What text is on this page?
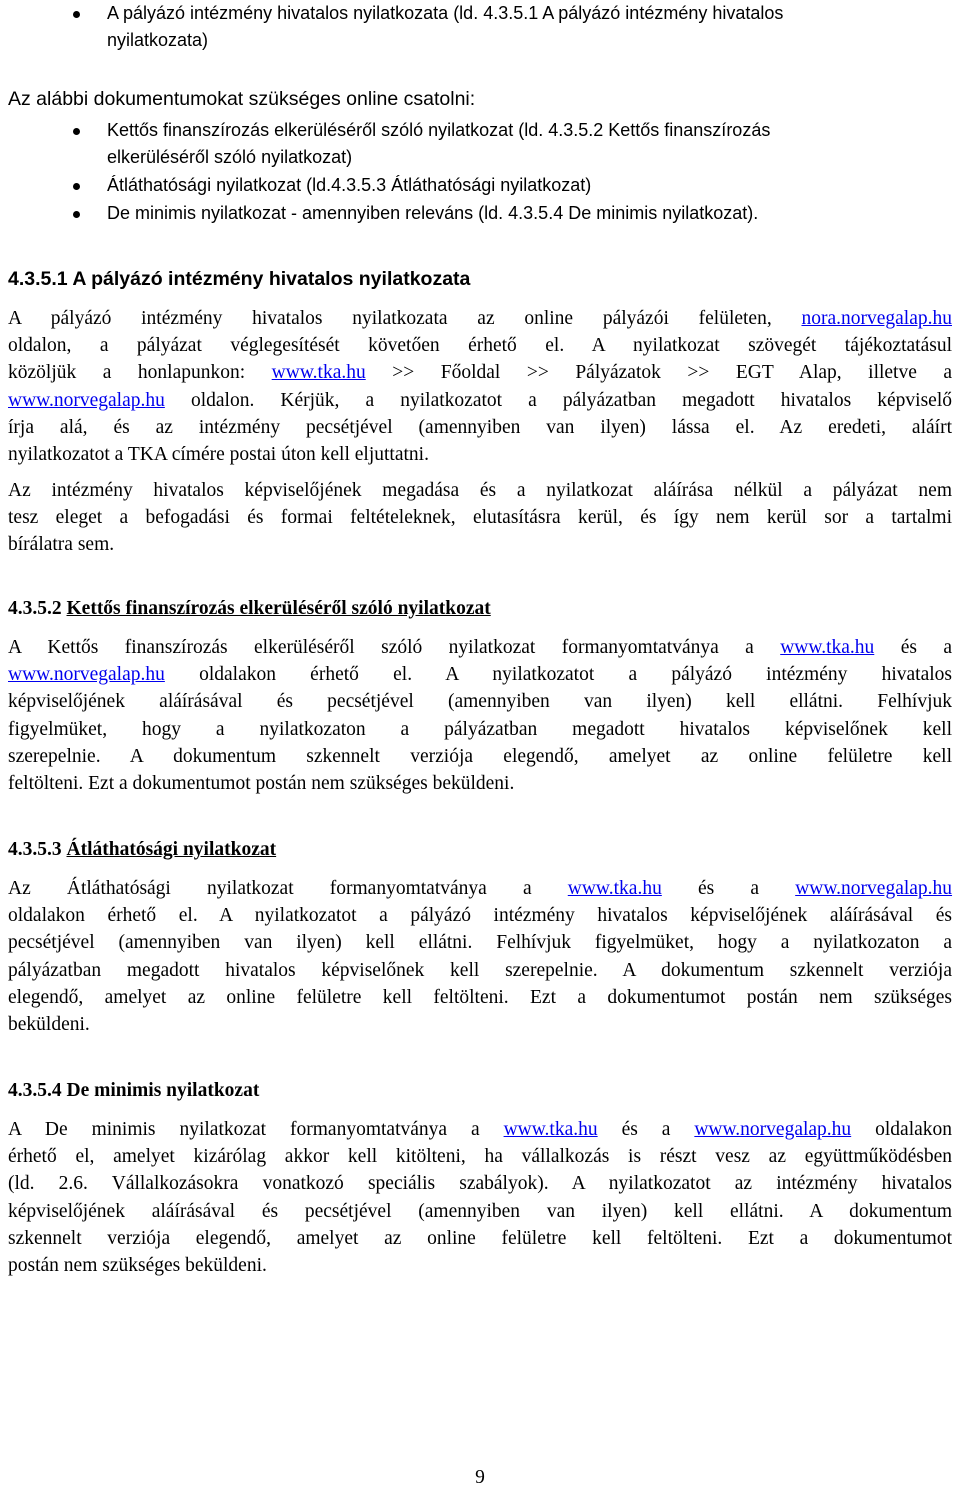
A pályázó intézmény hivatalos nyilatkozata (ld. 4.3.5.1 A pályázó intézmény hivatalos
nyilatkozata)
Az alábbi dokumentumokat szükséges online csatolni:
Kettős finanszírozás elkerüléséről szóló nyilatkozat (ld. 4.3.5.2 Kettős finanszírozás
elkerüléséről szóló nyilatkozat)
Átláthatósági nyilatkozat (ld.4.3.5.3 Átláthatósági nyilatkozat)
De minimis nyilatkozat - amennyiben releváns (ld. 4.3.5.4 De minimis nyilatkozat).
4.3.5.1 A pályázó intézmény hivatalos nyilatkozata
A pályázó intézmény hivatalos nyilatkozata az online pályázói felületen, nora.norvegalap.hu
oldalon, a pályázat véglegesítését követően érhető el. A nyilatkozat szövegét tájékoztatásul
közöljük a honlapunkon: www.tka.hu >> Főoldal >> Pályázatok >> EGT Alap, illetve a
www.norvegalap.hu oldalon. Kérjük, a nyilatkozatot a pályázatban megadott hivatalos képviselő
írja alá, és az intézmény pecsétjével (amennyiben van ilyen) lássa el. Az eredeti, aláírt
nyilatkozatot a TKA címére postai úton kell eljuttatni.
Az intézmény hivatalos képviselőjének megadása és a nyilatkozat aláírása nélkül a pályázat nem
tesz eleget a befogadási és formai feltételeknek, elutasításra kerül, és így nem kerül sor a tartalmi
bírálatra sem.
4.3.5.2 Kettős finanszírozás elkerüléséről szóló nyilatkozat
A Kettős finanszírozás elkerüléséről szóló nyilatkozat formanyomtatványa a www.tka.hu és a
www.norvegalap.hu oldalakon érhető el. A nyilatkozatot a pályázó intézmény hivatalos
képviselőjének aláírásával és pecsétjével (amennyiben van ilyen) kell ellátni. Felhívjuk
figyelmüket, hogy a nyilatkozaton a pályázatban megadott hivatalos képviselőnek kell
szerepelnie. A dokumentum szkennelt verziója elegendő, amelyet az online felületre kell
feltölteni. Ezt a dokumentumot postán nem szükséges beküldeni.
4.3.5.3 Átláthatósági nyilatkozat
Az Átláthatósági nyilatkozat formanyomtatványa a www.tka.hu és a www.norvegalap.hu
oldalakon érhető el. A nyilatkozatot a pályázó intézmény hivatalos képviselőjének aláírásával és
pecsétjével (amennyiben van ilyen) kell ellátni. Felhívjuk figyelmüket, hogy a nyilatkozaton a
pályázatban megadott hivatalos képviselőnek kell szerepelnie. A dokumentum szkennelt verziója
elegendő, amelyet az online felületre kell feltölteni. Ezt a dokumentumot postán nem szükséges
beküldeni.
4.3.5.4 De minimis nyilatkozat
A De minimis nyilatkozat formanyomtatványa a www.tka.hu és a www.norvegalap.hu oldalakon
érhető el, amelyet kizárólag akkor kell kitölteni, ha vállalkozás is részt vesz az együttműködésben
(ld. 2.6. Vállalkozásokra vonatkozó speciális szabályok). A nyilatkozatot az intézmény hivatalos
képviselőjének aláírásával és pecsétjével (amennyiben van ilyen) kell ellátni. A dokumentum
szkennelt verziója elegendő, amelyet az online felületre kell feltölteni. Ezt a dokumentumot
postán nem szükséges beküldeni.
9
